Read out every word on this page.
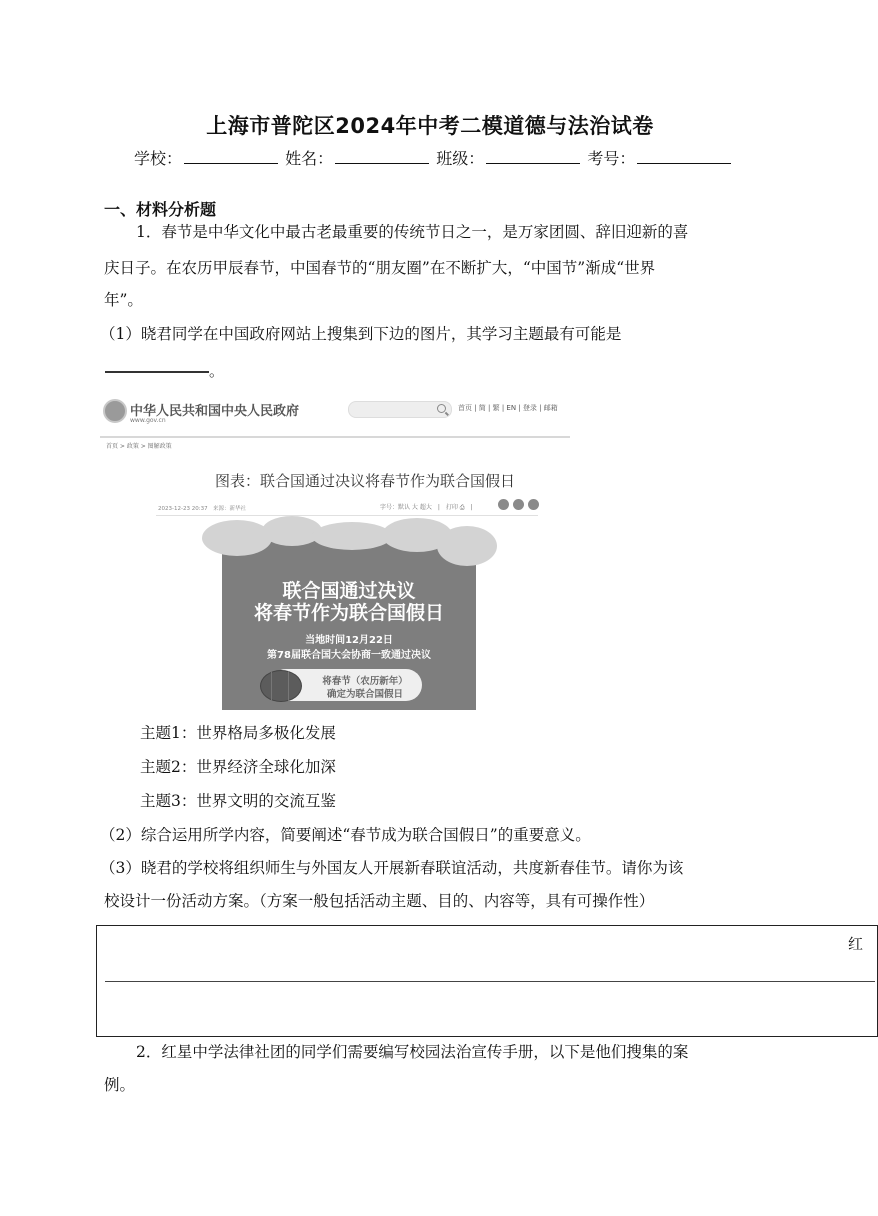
上海市普陀区2024年中考二模道德与法治试卷
学校：	姓名：	班级：	考号：
一、材料分析题
1．春节是中华文化中最古老最重要的传统节日之一，是万家团圆、辞旧迎新的喜
庆日子。在农历甲辰春节，中国春节的“朋友圈”在不断扩大，“中国节”渐成“世界
年”。
（1）晓君同学在中国政府网站上搜集到下边的图片，其学习主题最有可能是
。
中华人民共和国中央人民政府
www.gov.cn
首页 | 简 | 繁 | EN | 登录 | 邮箱
首页 > 政策 > 图解政策
图表：联合国通过决议将春节作为联合国假日
2023-12-23 20:37　来源：新华社	字号：默认 大 超大　|　打印 ⎙　|
联合国通过决议
将春节作为联合国假日
当地时间12月22日
第78届联合国大会协商一致通过决议
将春节（农历新年）
确定为联合国假日
主题1：世界格局多极化发展
主题2：世界经济全球化加深
主题3：世界文明的交流互鉴
（2）综合运用所学内容，简要阐述“春节成为联合国假日”的重要意义。
（3）晓君的学校将组织师生与外国友人开展新春联谊活动，共度新春佳节。请你为该
校设计一份活动方案。（方案一般包括活动主题、目的、内容等，具有可操作性）
红
2．红星中学法律社团的同学们需要编写校园法治宣传手册，以下是他们搜集的案
例。
